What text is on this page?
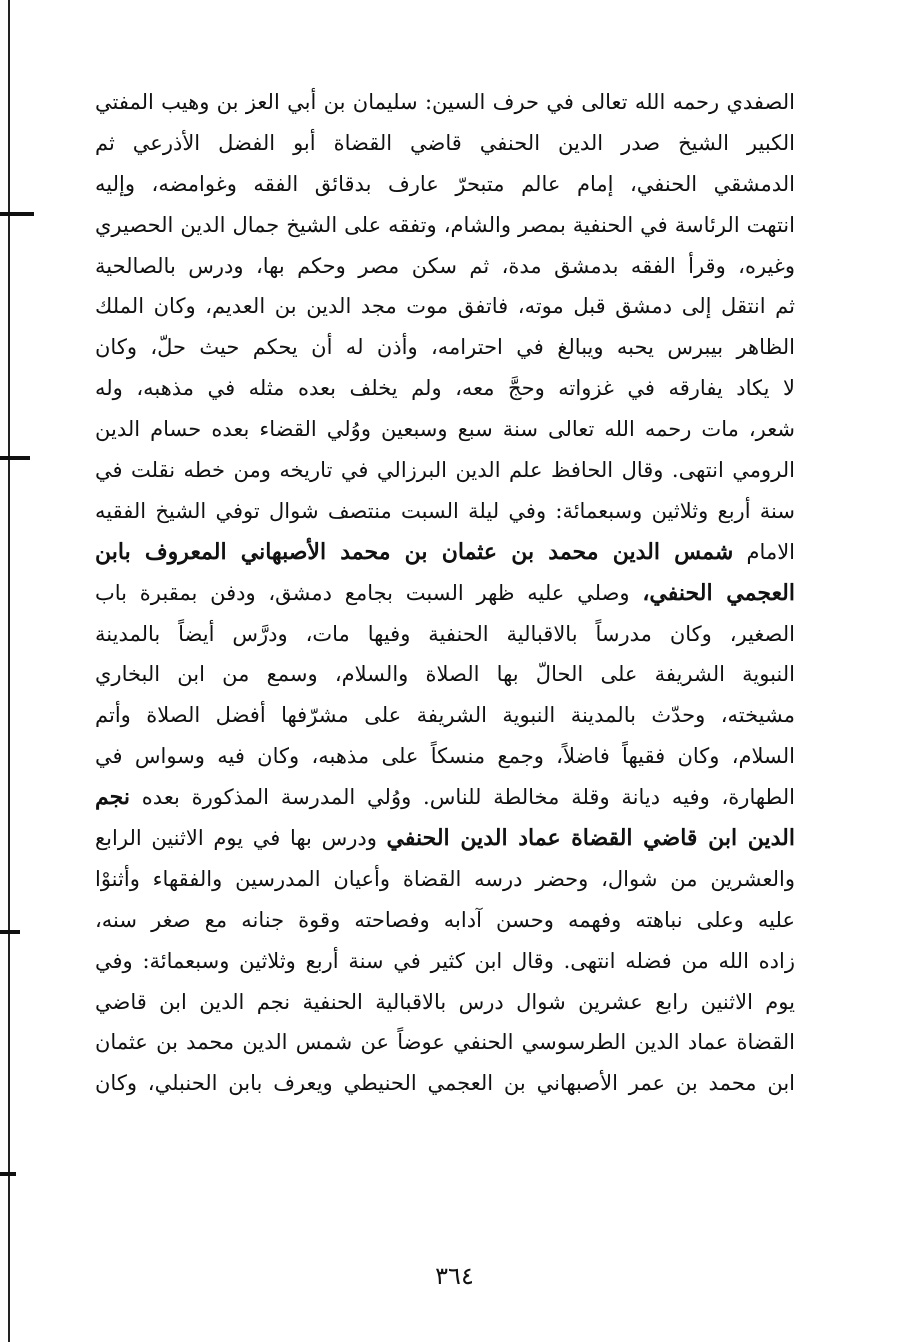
الصفدي رحمه الله تعالى في حرف السين: سليمان بن أبي العز بن وهيب المفتي
الكبير الشيخ صدر الدين الحنفي قاضي القضاة أبو الفضل الأذرعي ثم
الدمشقي الحنفي، إمام عالم متبحرّ عارف بدقائق الفقه وغوامضه، وإليه
انتهت الرئاسة في الحنفية بمصر والشام، وتفقه على الشيخ جمال الدين الحصيري
وغيره، وقرأ الفقه بدمشق مدة، ثم سكن مصر وحكم بها، ودرس بالصالحية
ثم انتقل إلى دمشق قبل موته، فاتفق موت مجد الدين بن العديم، وكان الملك
الظاهر بيبرس يحبه ويبالغ في احترامه، وأذن له أن يحكم حيث حلّ، وكان
لا يكاد يفارقه في غزواته وحجَّ معه، ولم يخلف بعده مثله في مذهبه، وله
شعر، مات رحمه الله تعالى سنة سبع وسبعين ووُلي القضاء بعده حسام الدين
الرومي انتهى. وقال الحافظ علم الدين البرزالي في تاريخه ومن خطه نقلت في
سنة أربع وثلاثين وسبعمائة: وفي ليلة السبت منتصف شوال توفي الشيخ الفقيه
الامام شمس الدين محمد بن عثمان بن محمد الأصبهاني المعروف بابن
العجمي الحنفي، وصلي عليه ظهر السبت بجامع دمشق، ودفن بمقبرة باب
الصغير، وكان مدرساً بالاقبالية الحنفية وفيها مات، ودرَّس أيضاً بالمدينة
النبوية الشريفة على الحالّ بها الصلاة والسلام، وسمع من ابن البخاري
مشيخته، وحدّث بالمدينة النبوية الشريفة على مشرّفها أفضل الصلاة وأتم
السلام، وكان فقيهاً فاضلاً، وجمع منسكاً على مذهبه، وكان فيه وسواس في
الطهارة، وفيه ديانة وقلة مخالطة للناس. ووُلي المدرسة المذكورة بعده نجم
الدين ابن قاضي القضاة عماد الدين الحنفي ودرس بها في يوم الاثنين الرابع
والعشرين من شوال، وحضر درسه القضاة وأعيان المدرسين والفقهاء وأثنوْا
عليه وعلى نباهته وفهمه وحسن آدابه وفصاحته وقوة جنانه مع صغر سنه،
زاده الله من فضله انتهى. وقال ابن كثير في سنة أربع وثلاثين وسبعمائة: وفي
يوم الاثنين رابع عشرين شوال درس بالاقبالية الحنفية نجم الدين ابن قاضي
القضاة عماد الدين الطرسوسي الحنفي عوضاً عن شمس الدين محمد بن عثمان
ابن محمد بن عمر الأصبهاني بن العجمي الحنيطي ويعرف بابن الحنبلي، وكان
٣٦٤
